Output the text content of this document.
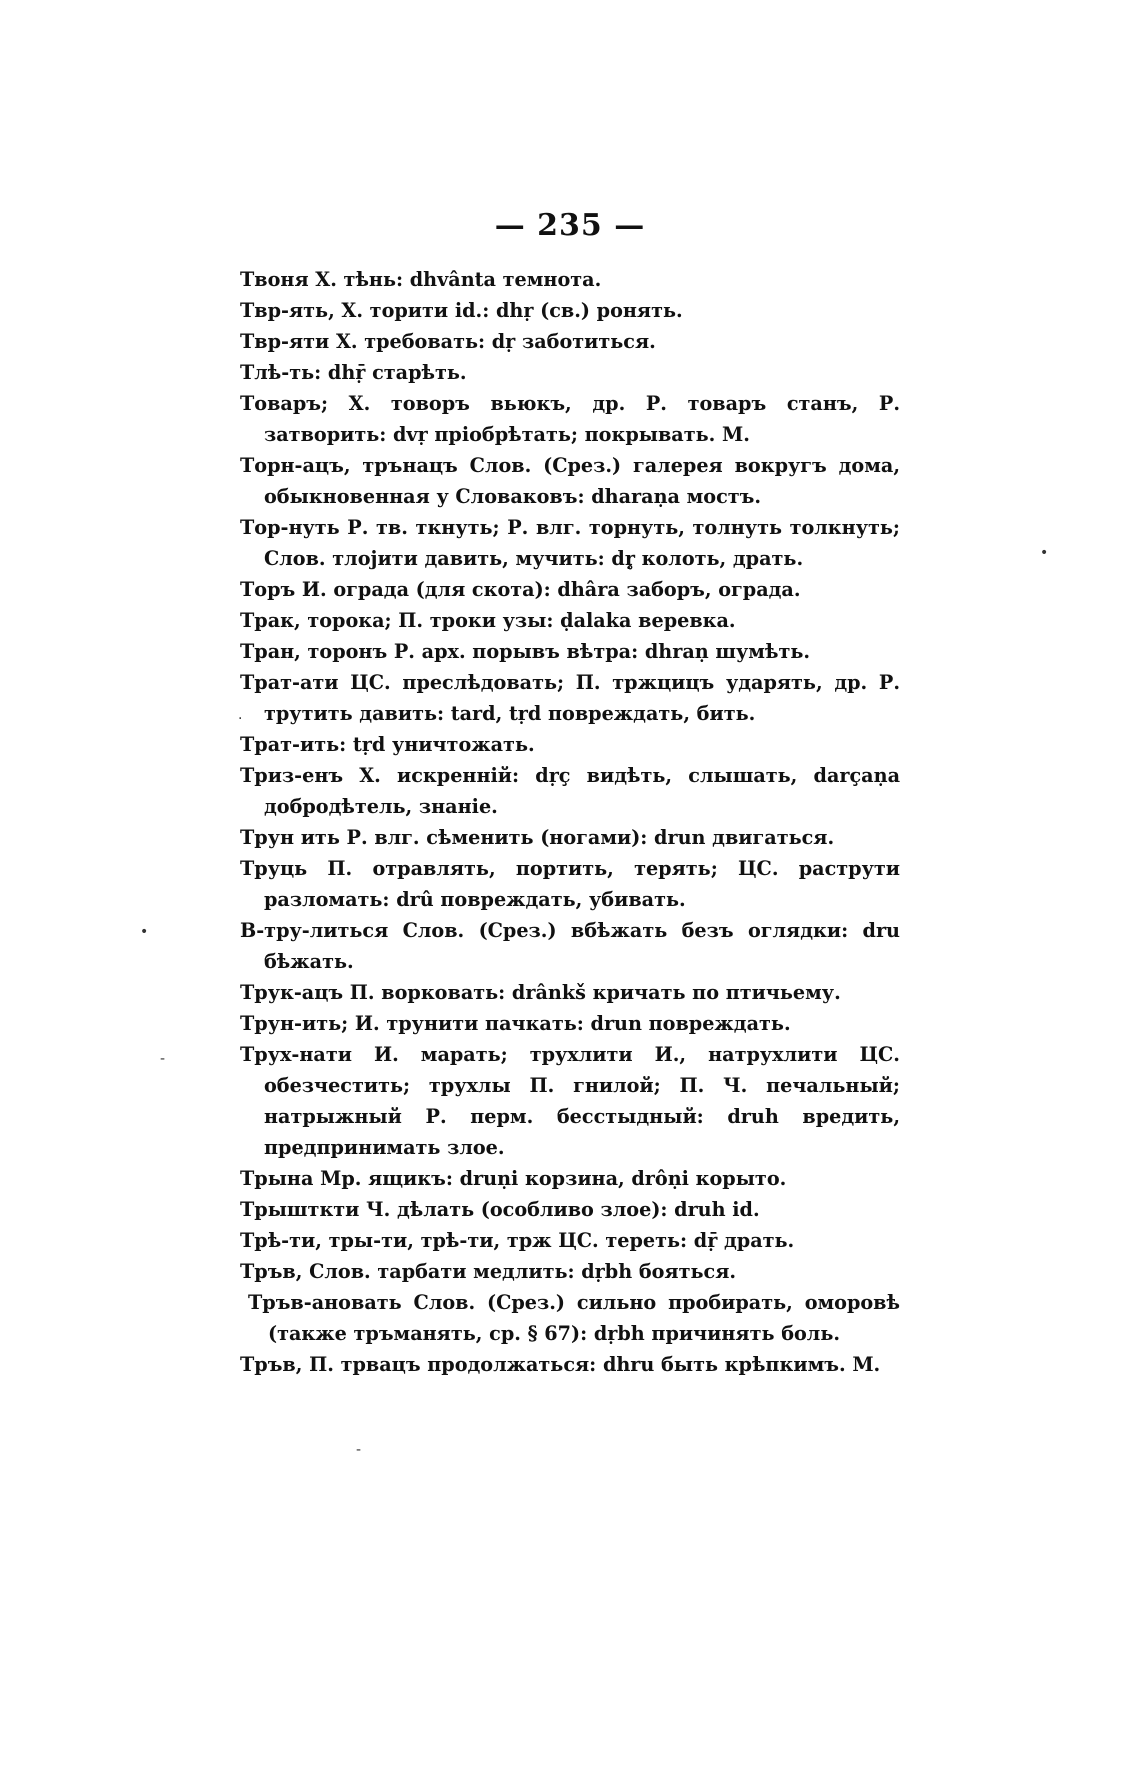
— 235 —

Твоня Х. тѣнь: dhvânta темнота.

Твр-ять, Х. торити id.: dhṛ (св.) ронять.

Твр-яти Х. требовать: dṛ заботиться.

Тлѣ-ть: dhṝ старѣть.

Товаръ; Х. товоръ вьюкъ, др. Р. товаръ станъ, Р. затворить: dvṛ пріобрѣтать; покрывать. М.

Торн-ацъ, трънацъ Слов. (Срез.) галерея вокругъ дома, обыкновенная у Словаковъ: dharaṇa мостъ.

Тор-нуть Р. тв. ткнуть; Р. влг. торнуть, толнуть толкнуть; Слов. тлојити давить, мучить: dṛ̥ колоть, драть.

Торъ И. ограда (для скота): dhâra заборъ, ограда.

Трак, торока; П. троки узы: ḍalaka веревка.

Тран, торонъ Р. арх. порывъ вѣтра: dhraṇ шумѣть.

Трат-ати ЦС. преслѣдовать; П. тржцицъ ударять, др. Р. трутить давить: tard, tṛd повреждать, бить.

Трат-ить: tṛd уничтожать.

Триз-енъ Х. искренній: dṛç видѣть, слышать, darçaṇa добродѣтель, знаніе.

Трун ить Р. влг. сѣменить (ногами): drun двигаться.

Труць П. отравлять, портить, терять; ЦС. раструти разломать: drû повреждать, убивать.

В-тру-литься Слов. (Срез.) вбѣжать безъ оглядки: dru бѣжать.

Трук-ацъ П. ворковать: drânkš кричать по птичьему.

Трун-ить; И. трунити пачкать: drun повреждать.

Трух-нати И. марать; трухлити И., натрухлити ЦС. обезчестить; трухлы П. гнилой; П. Ч. печальный; натрыжный Р. перм. бесстыдный: druh вредить, предпринимать злое.

Трына Мр. ящикъ: druṇi корзина, drôṇi корыто.

Трышткти Ч. дѣлать (особливо злое): druh id.

Трѣ-ти, тры-ти, трѣ-ти, трж ЦС. тереть: dṝ драть.

Тръв, Слов. тарбати медлить: dṛbh бояться.

Тръв-ановать Слов. (Срез.) сильно пробирать, оморовѣ (также тръманять, ср. § 67): dṛbh причинять боль.

Тръв, П. трвацъ продолжаться: dhru быть крѣпкимъ. М.

•
·
•
-
-
